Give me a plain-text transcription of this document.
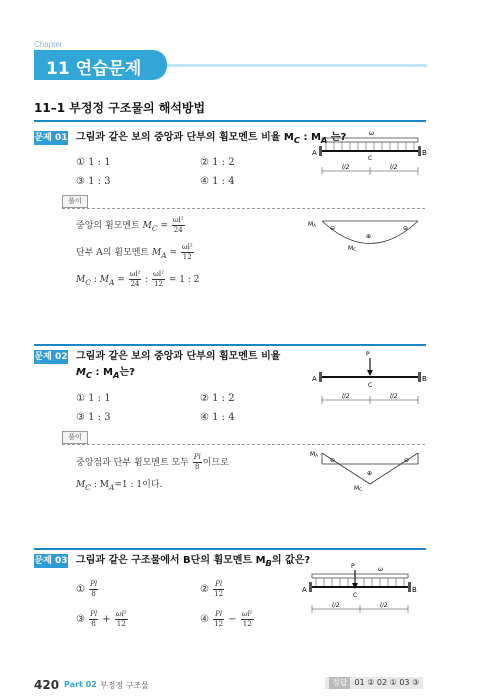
Chapter
11 연습문제
11–1 부정정 구조물의 해석방법
문제 01 그림과 같은 보의 중앙과 단부의 휨모멘트 비율 $M_C$ : $M_A$ 는?
① 1 : 1	② 1 : 2
③ 1 : 3	④ 1 : 4
ω
A	B
C
l/2	l/2
풀이
중앙의 휨모멘트 $M_C = \frac{\text{ωl²}}{24}$
단부 A의 휨모멘트 $M_A = \frac{\text{ωl²}}{12}$
$M_C$ : $M_A = \frac{\text{ωl²}}{24}$ : $\frac{\text{ωl²}}{12} = 1$ : 2
MA
MC
⊖	⊖
⊕
문제 02 그림과 같은 보의 중앙과 단부의 휨모멘트 비율
$M_C$ : $M_A$는?
① 1 : 1	② 1 : 2
③ 1 : 3	④ 1 : 4
P
A	B
C
l/2	l/2
풀이
중앙점과 단부 휨모멘트 모두 $\frac{Pl}{8}$ 이므로
$M_C$ : $M_A=1$ : 1이다.
MA
MC
⊖	⊖
⊕
문제 03 그림과 같은 구조물에서 B단의 휨모멘트 $M_B$의 값은?
① $\frac{Pl}{8}$	② $\frac{Pl}{12}$
③ $\frac{Pl}{8} + \frac{\text{ωl²}}{12}$	④ $\frac{Pl}{12} - \frac{\text{ωl²}}{12}$
P	ω
A	B
C
l/2	l/2
420 Part 02 부정정 구조물	정답 01 ② 02 ① 03 ③
